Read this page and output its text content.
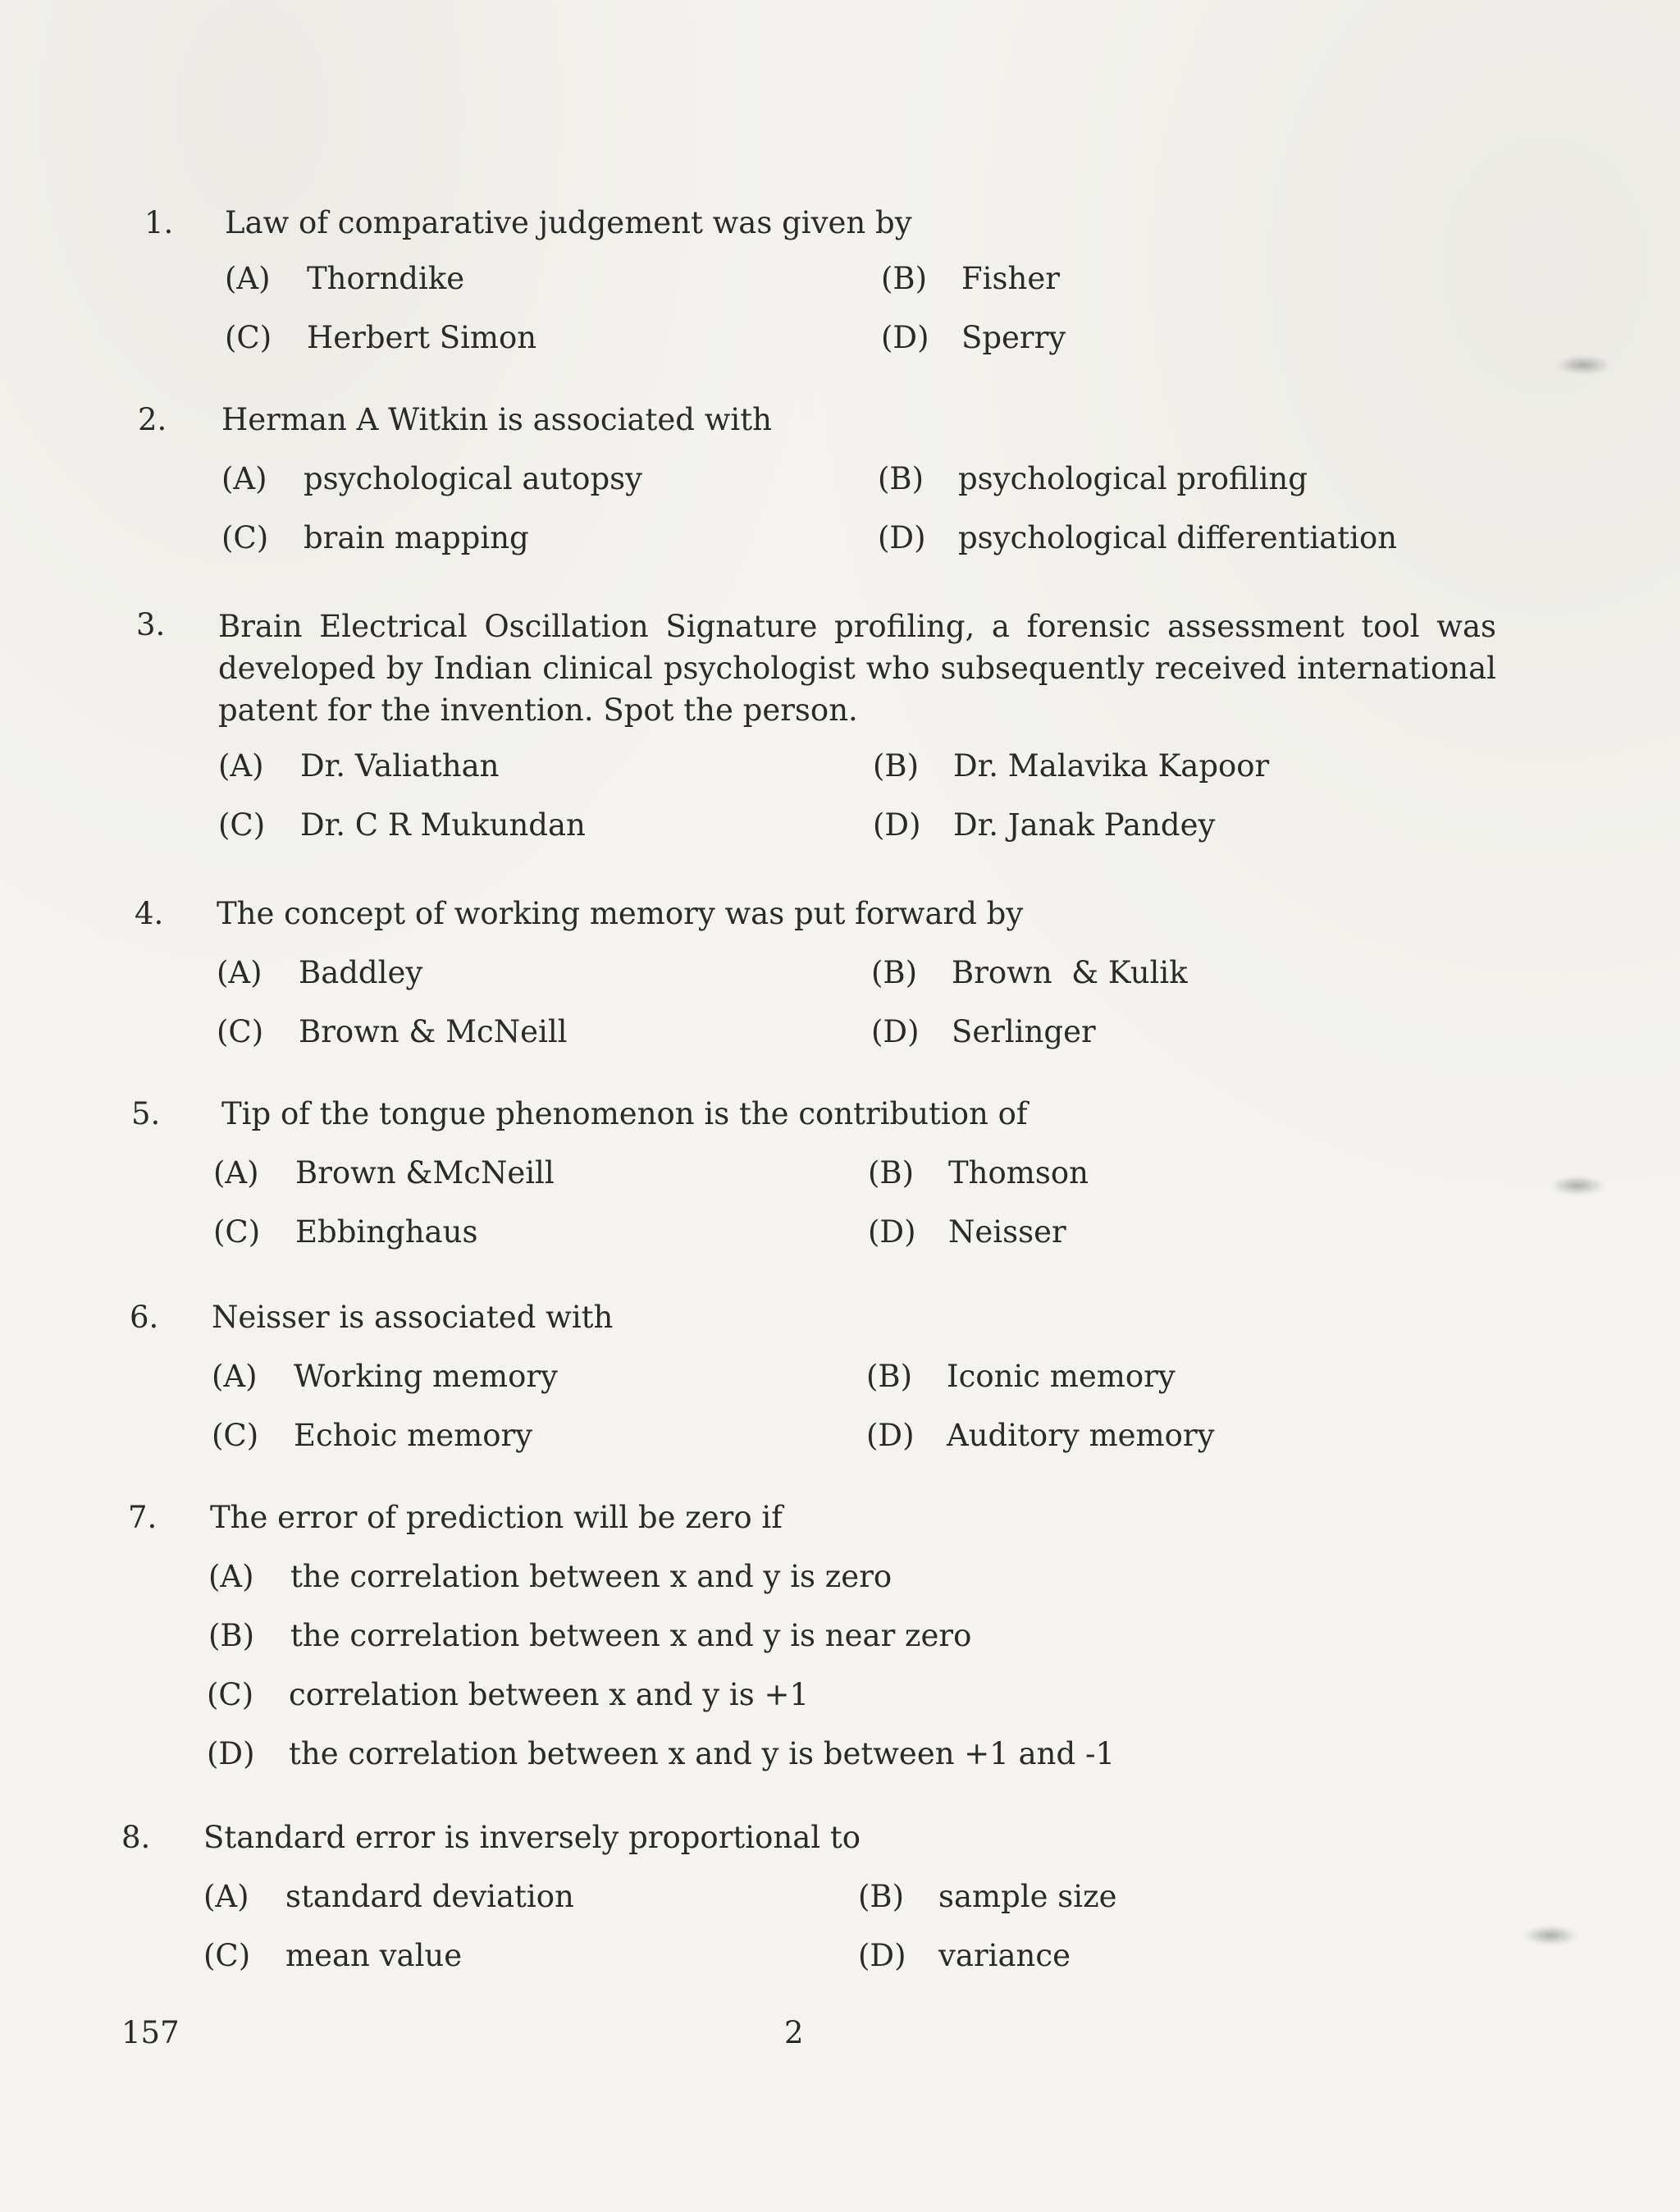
1.	Law of comparative judgement was given by
(A) Thorndike	(B) Fisher
(C) Herbert Simon	(D) Sperry
2.	Herman A Witkin is associated with
(A) psychological autopsy	(B) psychological profiling
(C) brain mapping	(D) psychological differentiation
3.	Brain Electrical Oscillation Signature profiling, a forensic assessment tool was developed by Indian clinical psychologist who subsequently received international patent for the invention. Spot the person.
(A) Dr. Valiathan	(B) Dr. Malavika Kapoor
(C) Dr. C R Mukundan	(D) Dr. Janak Pandey
4.	The concept of working memory was put forward by
(A) Baddley	(B) Brown  & Kulik
(C) Brown & McNeill	(D) Serlinger
5.	Tip of the tongue phenomenon is the contribution of
(A) Brown &McNeill	(B) Thomson
(C) Ebbinghaus	(D) Neisser
6.	Neisser is associated with
(A) Working memory	(B) Iconic memory
(C) Echoic memory	(D) Auditory memory
7.	The error of prediction will be zero if
(A) the correlation between x and y is zero
(B) the correlation between x and y is near zero
(C) correlation between x and y is +1
(D) the correlation between x and y is between +1 and -1
8.	Standard error is inversely proportional to
(A) standard deviation	(B) sample size
(C) mean value	(D) variance
157	2
